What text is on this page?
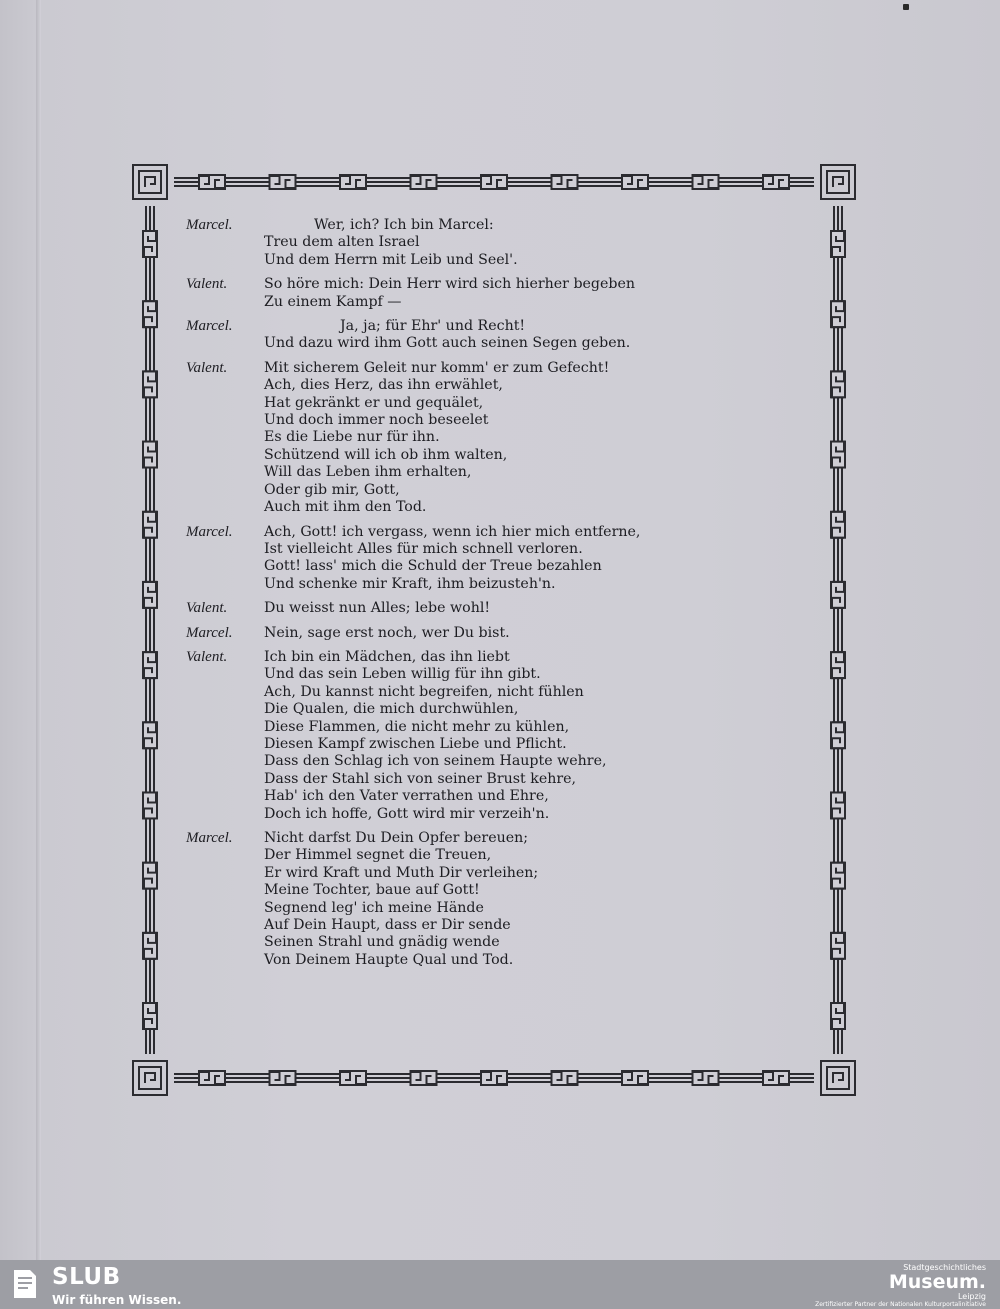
Marcel.	Wer, ich? Ich bin Marcel:
Treu dem alten Israel
Und dem Herrn mit Leib und Seel'.
Valent.	So höre mich: Dein Herr wird sich hierher begeben
Zu einem Kampf —
Marcel.	Ja, ja; für Ehr' und Recht!
Und dazu wird ihm Gott auch seinen Segen geben.
Valent.	Mit sicherem Geleit nur komm' er zum Gefecht!
Ach, dies Herz, das ihn erwählet,
Hat gekränkt er und gequälet,
Und doch immer noch beseelet
Es die Liebe nur für ihn.
Schützend will ich ob ihm walten,
Will das Leben ihm erhalten,
Oder gib mir, Gott,
Auch mit ihm den Tod.
Marcel.	Ach, Gott! ich vergass, wenn ich hier mich entferne,
Ist vielleicht Alles für mich schnell verloren.
Gott! lass' mich die Schuld der Treue bezahlen
Und schenke mir Kraft, ihm beizusteh'n.
Valent.	Du weisst nun Alles; lebe wohl!
Marcel.	Nein, sage erst noch, wer Du bist.
Valent.	Ich bin ein Mädchen, das ihn liebt
Und das sein Leben willig für ihn gibt.
Ach, Du kannst nicht begreifen, nicht fühlen
Die Qualen, die mich durchwühlen,
Diese Flammen, die nicht mehr zu kühlen,
Diesen Kampf zwischen Liebe und Pflicht.
Dass den Schlag ich von seinem Haupte wehre,
Dass der Stahl sich von seiner Brust kehre,
Hab' ich den Vater verrathen und Ehre,
Doch ich hoffe, Gott wird mir verzeih'n.
Marcel.	Nicht darfst Du Dein Opfer bereuen;
Der Himmel segnet die Treuen,
Er wird Kraft und Muth Dir verleihen;
Meine Tochter, baue auf Gott!
Segnend leg' ich meine Hände
Auf Dein Haupt, dass er Dir sende
Seinen Strahl und gnädig wende
Von Deinem Haupte Qual und Tod.
SLUB
Wir führen Wissen.
Stadtgeschichtliches
Museum.
Leipzig
Zertifizierter Partner der Nationalen Kulturportalinitiative
